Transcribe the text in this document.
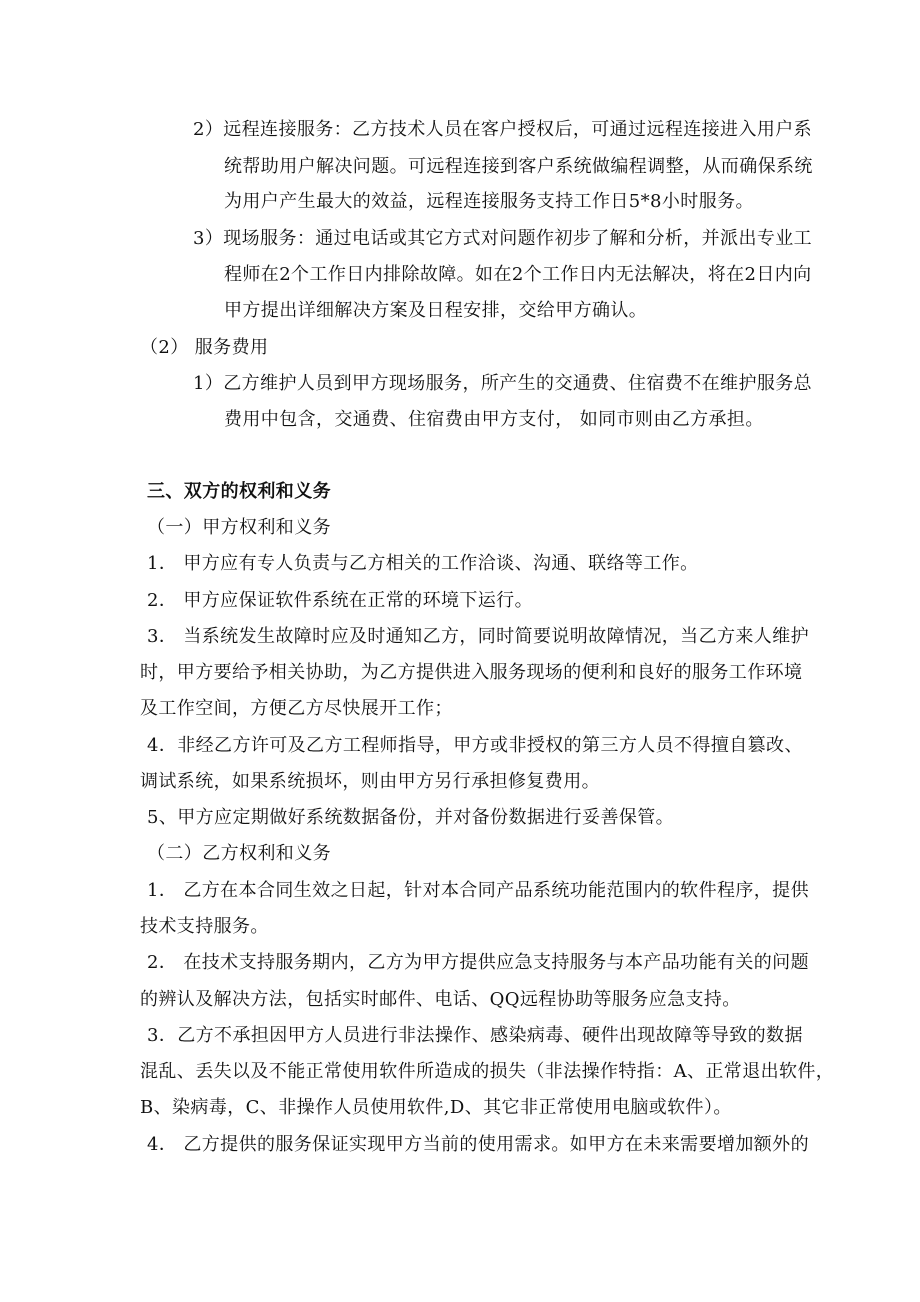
2）远程连接服务：乙方技术人员在客户授权后，可通过远程连接进入用户系
统帮助用户解决问题。可远程连接到客户系统做编程调整，从而确保系统
为用户产生最大的效益，远程连接服务支持工作日5*8小时服务。
3）现场服务：通过电话或其它方式对问题作初步了解和分析，并派出专业工
程师在2个工作日内排除故障。如在2个工作日内无法解决，将在2日内向
甲方提出详细解决方案及日程安排，交给甲方确认。
（2） 服务费用
1）乙方维护人员到甲方现场服务，所产生的交通费、住宿费不在维护服务总
费用中包含，交通费、住宿费由甲方支付， 如同市则由乙方承担。
三、双方的权利和义务
（一）甲方权利和义务
1． 甲方应有专人负责与乙方相关的工作洽谈、沟通、联络等工作。
2． 甲方应保证软件系统在正常的环境下运行。
3． 当系统发生故障时应及时通知乙方，同时简要说明故障情况，当乙方来人维护
时，甲方要给予相关协助，为乙方提供进入服务现场的便利和良好的服务工作环境
及工作空间，方便乙方尽快展开工作；
4．非经乙方许可及乙方工程师指导，甲方或非授权的第三方人员不得擅自篡改、
调试系统，如果系统损坏，则由甲方另行承担修复费用。
5、甲方应定期做好系统数据备份，并对备份数据进行妥善保管。
（二）乙方权利和义务
1． 乙方在本合同生效之日起，针对本合同产品系统功能范围内的软件程序，提供
技术支持服务。
2． 在技术支持服务期内，乙方为甲方提供应急支持服务与本产品功能有关的问题
的辨认及解决方法，包括实时邮件、电话、QQ远程协助等服务应急支持。
3．乙方不承担因甲方人员进行非法操作、感染病毒、硬件出现故障等导致的数据
混乱、丢失以及不能正常使用软件所造成的损失（非法操作特指：A、正常退出软件，
B、染病毒，C、非操作人员使用软件,D、其它非正常使用电脑或软件）。
4． 乙方提供的服务保证实现甲方当前的使用需求。如甲方在未来需要增加额外的
